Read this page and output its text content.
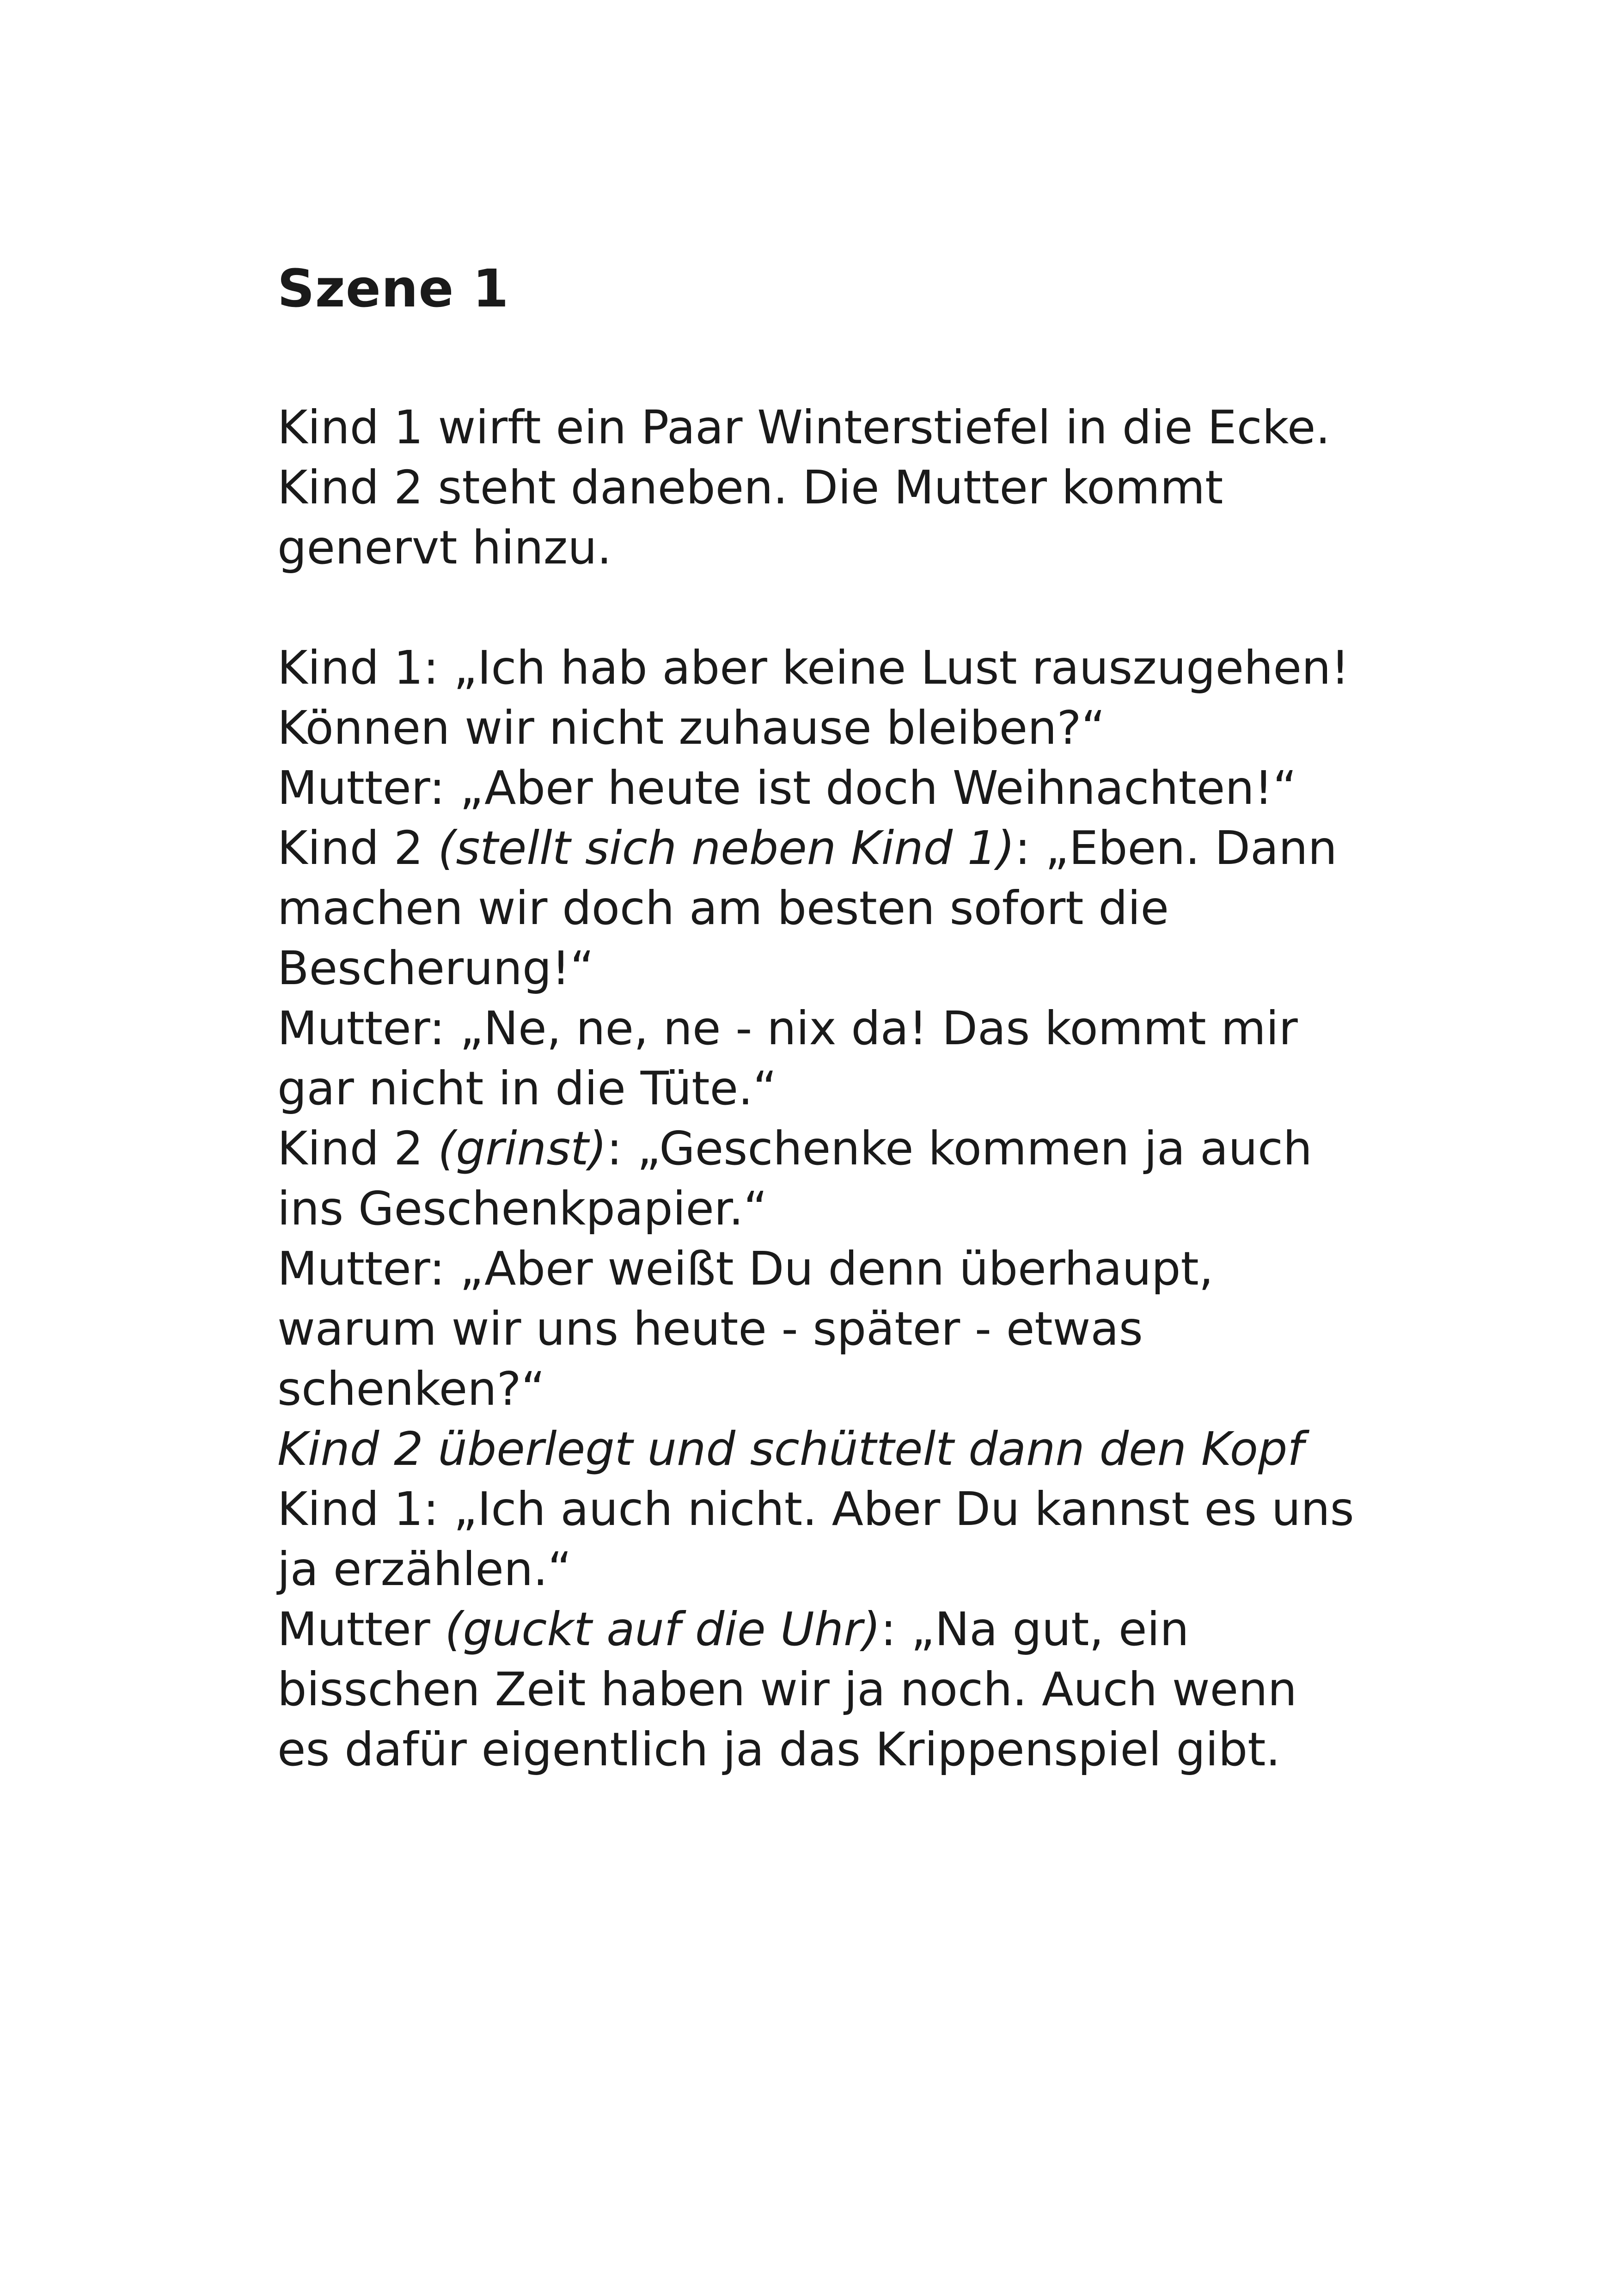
Szene 1

Kind 1 wirft ein Paar Winterstiefel in die Ecke. Kind 2 steht daneben. Die Mutter kommt genervt hinzu.

Kind 1: „Ich hab aber keine Lust rauszugehen! Können wir nicht zuhause bleiben?“
Mutter: „Aber heute ist doch Weihnachten!“
Kind 2 (stellt sich neben Kind 1): „Eben. Dann machen wir doch am besten sofort die Bescherung!“
Mutter: „Ne, ne, ne - nix da! Das kommt mir gar nicht in die Tüte.“
Kind 2 (grinst): „Geschenke kommen ja auch ins Geschenkpapier.“
Mutter: „Aber weißt Du denn überhaupt, warum wir uns heute - später - etwas schenken?“
Kind 2 überlegt und schüttelt dann den Kopf
Kind 1: „Ich auch nicht. Aber Du kannst es uns ja erzählen.“
Mutter (guckt auf die Uhr): „Na gut, ein bisschen Zeit haben wir ja noch. Auch wenn es dafür eigentlich ja das Krippenspiel gibt.
